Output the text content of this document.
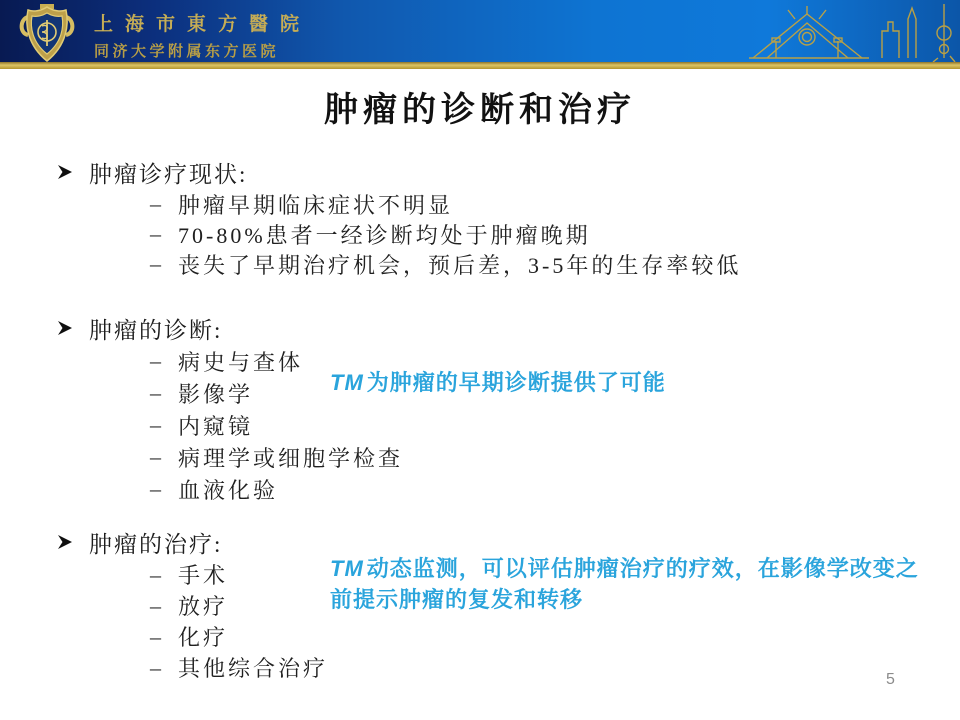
上海市東方醫院
同济大学附属东方医院
肿瘤的诊断和治疗
肿瘤诊疗现状:
– 肿瘤早期临床症状不明显
– 70-80%患者一经诊断均处于肿瘤晚期
– 丧失了早期治疗机会，预后差，3-5年的生存率较低
肿瘤的诊断:
– 病史与查体
– 影像学
– 内窥镜
– 病理学或细胞学检查
– 血液化验
肿瘤的治疗:
– 手术
– 放疗
– 化疗
– 其他综合治疗
TM 为肿瘤的早期诊断提供了可能
TM 动态监测，可以评估肿瘤治疗的疗效，在影像学改变之前提示肿瘤的复发和转移
5
